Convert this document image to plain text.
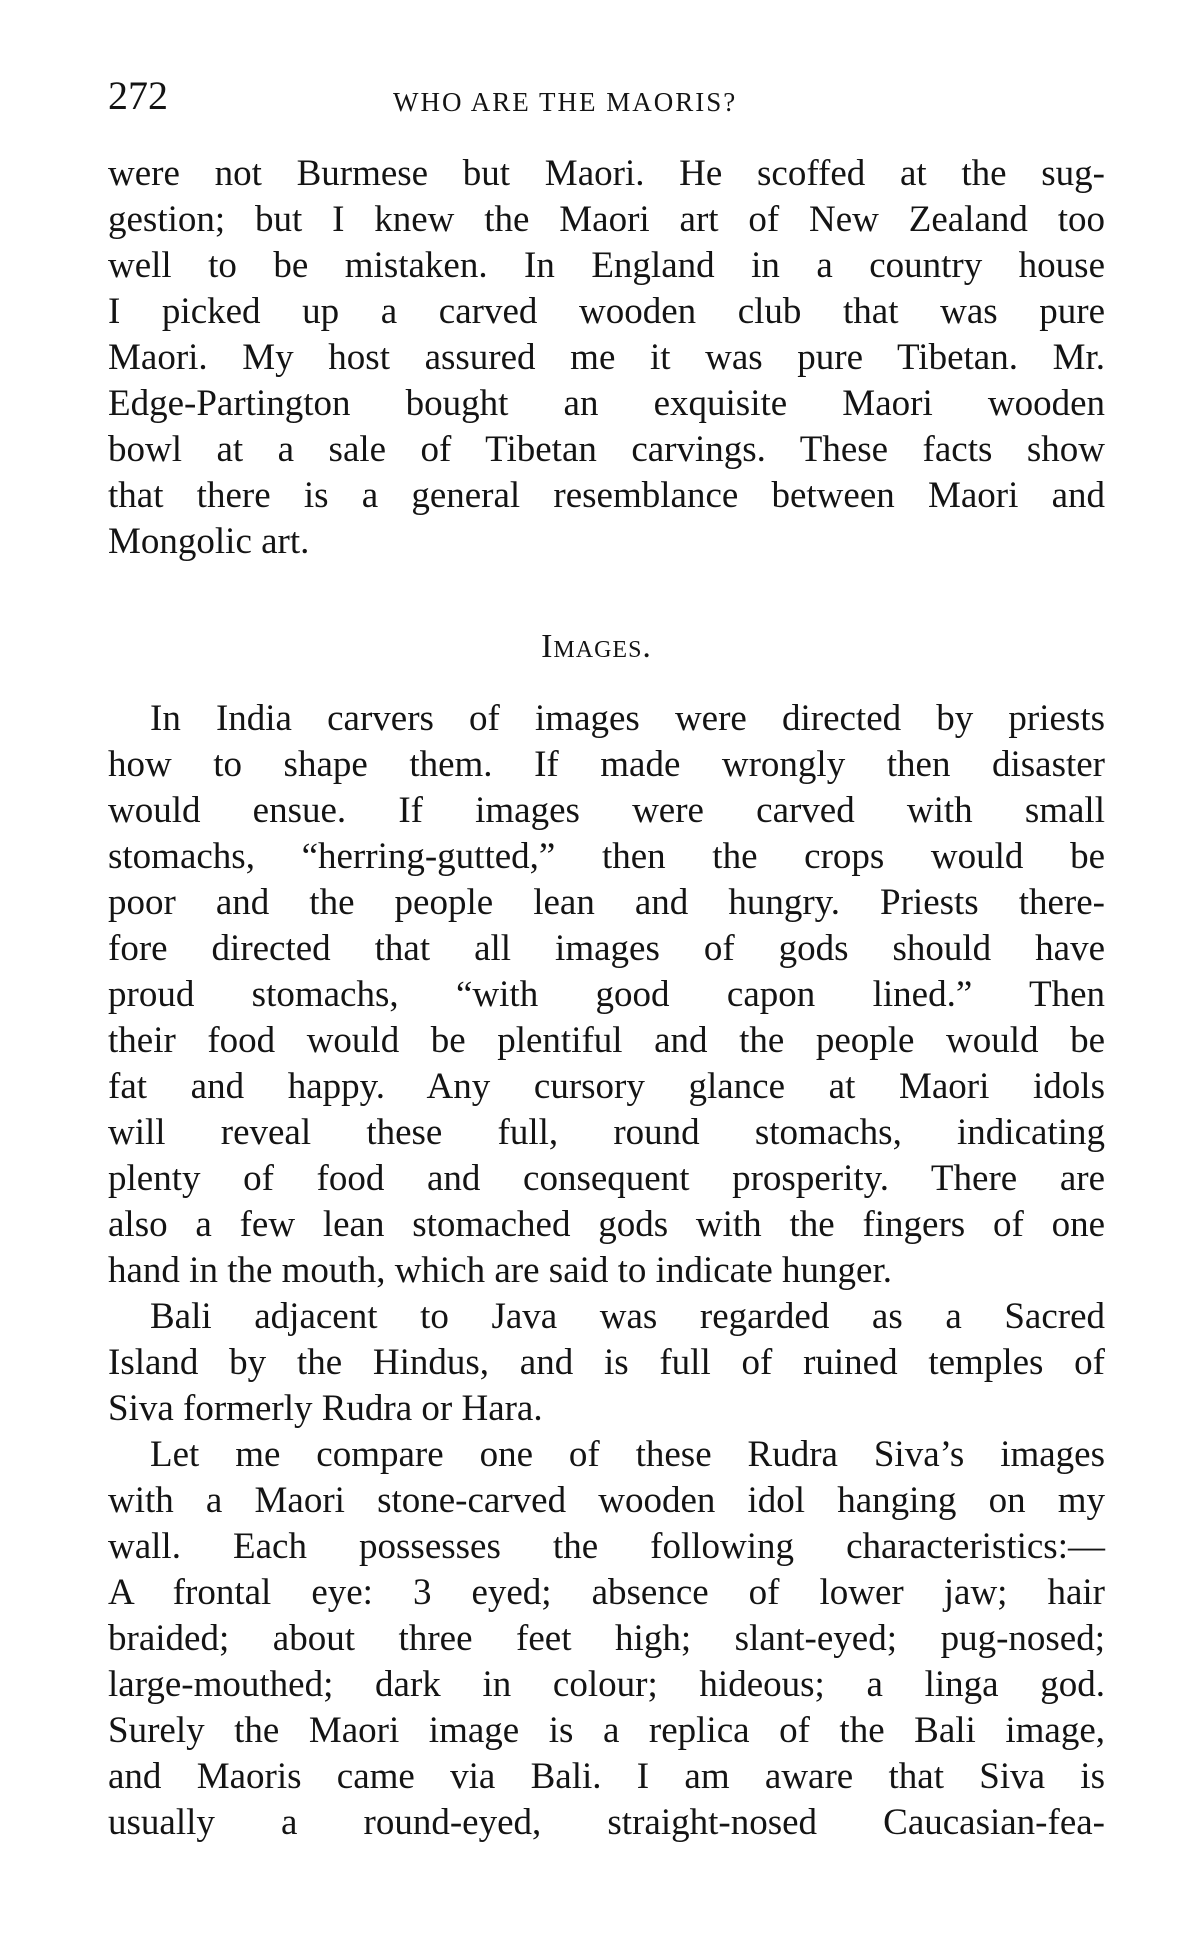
272	WHO ARE THE MAORIS?
were not Burmese but Maori. He scoffed at the sug-
gestion; but I knew the Maori art of New Zealand too
well to be mistaken. In England in a country house
I picked up a carved wooden club that was pure
Maori. My host assured me it was pure Tibetan. Mr.
Edge-Partington bought an exquisite Maori wooden
bowl at a sale of Tibetan carvings. These facts show
that there is a general resemblance between Maori and
Mongolic art.
Images.
In India carvers of images were directed by priests
how to shape them. If made wrongly then disaster
would ensue. If images were carved with small
stomachs, “herring-gutted,” then the crops would be
poor and the people lean and hungry. Priests there-
fore directed that all images of gods should have
proud stomachs, “with good capon lined.” Then
their food would be plentiful and the people would be
fat and happy. Any cursory glance at Maori idols
will reveal these full, round stomachs, indicating
plenty of food and consequent prosperity. There are
also a few lean stomached gods with the fingers of one
hand in the mouth, which are said to indicate hunger.
Bali adjacent to Java was regarded as a Sacred
Island by the Hindus, and is full of ruined temples of
Siva formerly Rudra or Hara.
Let me compare one of these Rudra Siva’s images
with a Maori stone-carved wooden idol hanging on my
wall. Each possesses the following characteristics:—
A frontal eye: 3 eyed; absence of lower jaw; hair
braided; about three feet high; slant-eyed; pug-nosed;
large-mouthed; dark in colour; hideous; a linga god.
Surely the Maori image is a replica of the Bali image,
and Maoris came via Bali. I am aware that Siva is
usually a round-eyed, straight-nosed Caucasian-fea-
